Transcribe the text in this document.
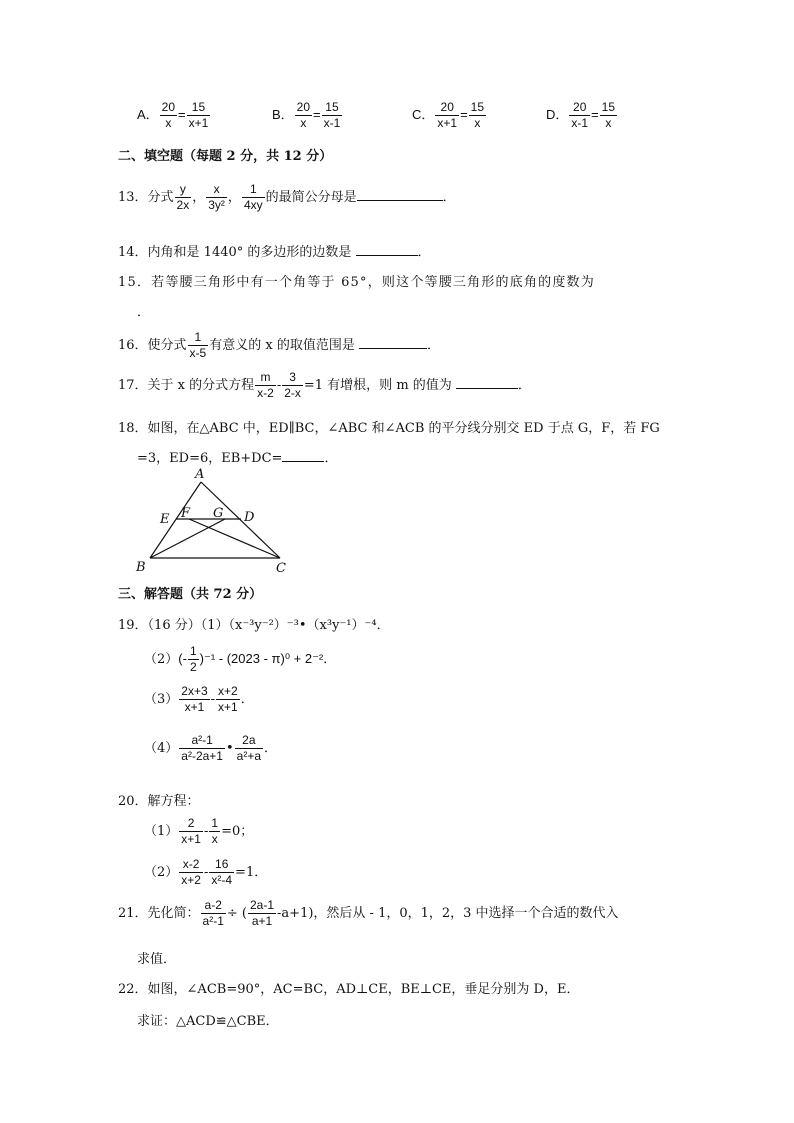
A． $\frac{20}{x} = \frac{15}{x+1}$	B． $\frac{20}{x} = \frac{15}{x-1}$	C． $\frac{20}{x+1} = \frac{15}{x}$	D． $\frac{20}{x-1} = \frac{15}{x}$
二、填空题（每题 2 分，共 12 分）
13．分式 $\frac{y}{2x}$ ， $\frac{x}{\text{3y²}}$ ， $\frac{1}{4xy}$ 的最简公分母是	．
14．内角和是 1440° 的多边形的边数是	．
15．若等腰三角形中有一个角等于 65°，则这个等腰三角形的底角的度数为
．
16．使分式 $\frac{1}{x-5}$ 有意义的 x 的取值范围是	．
17．关于 x 的分式方程 $\frac{m}{x-2} - \frac{3}{2-x} =1$ 有增根，则 m 的值为	．
18．如图，在△ABC 中，ED∥BC，∠ABC 和∠ACB 的平分线分别交 ED 于点 G，F，若 FG
=3，ED=6，EB+DC=	．
A
B	C
D
E F G
三、解答题（共 72 分）
19．（16 分）（1）（x⁻³y⁻²）⁻³•（x³y⁻¹）⁻⁴．
$(2)(- \frac{1}{2} )^{-1} - (2023 - \pi)^0 + 2^{-2}$．
$(3) \frac{2x+3}{x+1} - \frac{x+2}{x+1}$ ．
$(4) \frac{\text{a²-1}}{\text{a²-2a+1}}$ • $\frac{2a}{\text{a²+a}}$ ．
20．解方程：
$(1) \frac{2}{x+1} - \frac{1}{x} =0$；
$(2) \frac{x-2}{x+2} - \frac{16}{\text{x²-4}} =1$．
21．先化简： $\frac{a-2}{\text{a²-1}}$ ÷ ( $\frac{2a-1}{a+1} -a+1$)，然后从 - 1，0，1，2，3 中选择一个合适的数代入
求值．
22．如图，∠ACB=90°，AC=BC，AD⊥CE，BE⊥CE，垂足分别为 D，E．
求证：△ACD≌△CBE．
